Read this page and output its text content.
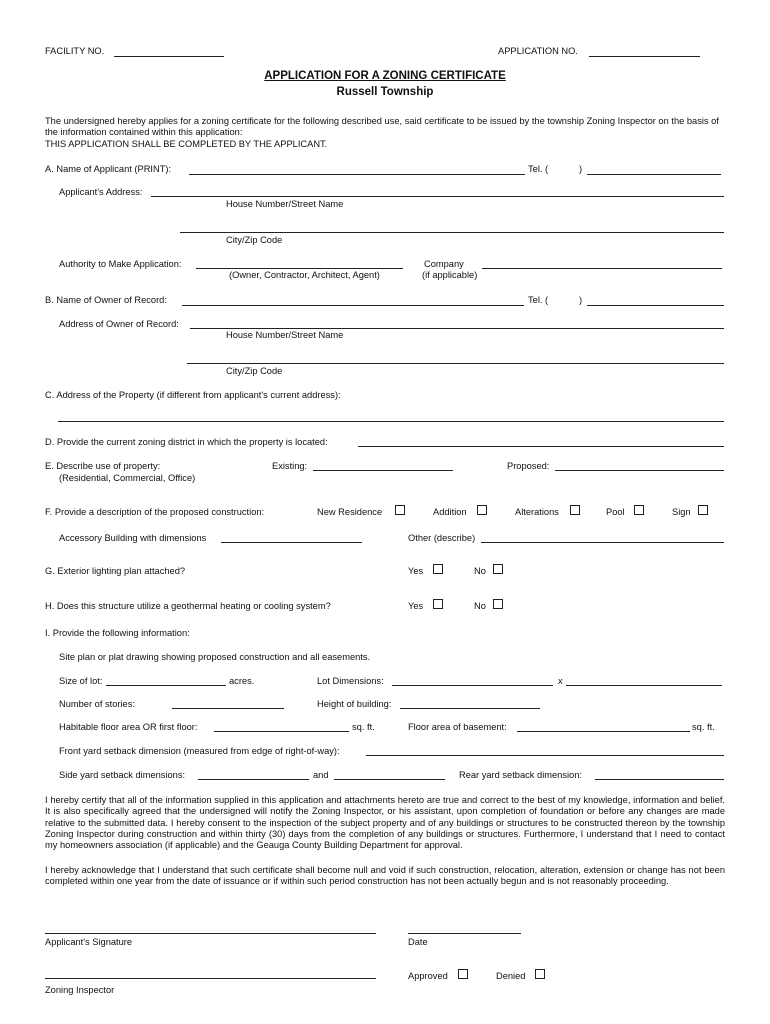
FACILITY NO.	APPLICATION NO.
APPLICATION FOR A ZONING CERTIFICATE
Russell Township
The undersigned hereby applies for a zoning certificate for the following described use, said certificate to be issued by the township Zoning Inspector on the basis of the information contained within this application:
THIS APPLICATION SHALL BE COMPLETED BY THE APPLICANT.
A. Name of Applicant (PRINT):	Tel. (	)
Applicant's Address:
House Number/Street Name
City/Zip Code
Authority to Make Application:
(Owner, Contractor, Architect, Agent)
Company
(if applicable)
B. Name of Owner of Record:	Tel. (	)
Address of Owner of Record:
House Number/Street Name
City/Zip Code
C. Address of the Property (if different from applicant's current address):
D. Provide the current zoning district in which the property is located:
E. Describe use of property:
(Residential, Commercial, Office)
Existing:	Proposed:
F. Provide a description of the proposed construction:	New Residence	Addition	Alterations	Pool	Sign
Accessory Building with dimensions	Other (describe)
G. Exterior lighting plan attached?	Yes	No
H. Does this structure utilize a geothermal heating or cooling system?	Yes	No
I. Provide the following information:
Site plan or plat drawing showing proposed construction and all easements.
Size of lot:	acres.	Lot Dimensions:	x
Number of stories:	Height of building:
Habitable floor area OR first floor:	sq. ft.	Floor area of basement:	sq. ft.
Front yard setback dimension (measured from edge of right-of-way):
Side yard setback dimensions:	and	Rear yard setback dimension:
I hereby certify that all of the information supplied in this application and attachments hereto are true and correct to the best of my knowledge, information and belief. It is also specifically agreed that the undersigned will notify the Zoning Inspector, or his assistant, upon completion of foundation or before any changes are made relative to the submitted data. I hereby consent to the inspection of the subject property and of any buildings or structures to be constructed thereon by the township Zoning Inspector during construction and within thirty (30) days from the completion of any buildings or structures. Furthermore, I understand that I need to contact my homeowners association (if applicable) and the Geauga County Building Department for approval.
I hereby acknowledge that I understand that such certificate shall become null and void if such construction, relocation, alteration, extension or change has not been completed within one year from the date of issuance or if within such period construction has not been actually begun and is not reasonably proceeding.
Applicant's Signature	Date
Zoning Inspector
Approved	Denied
